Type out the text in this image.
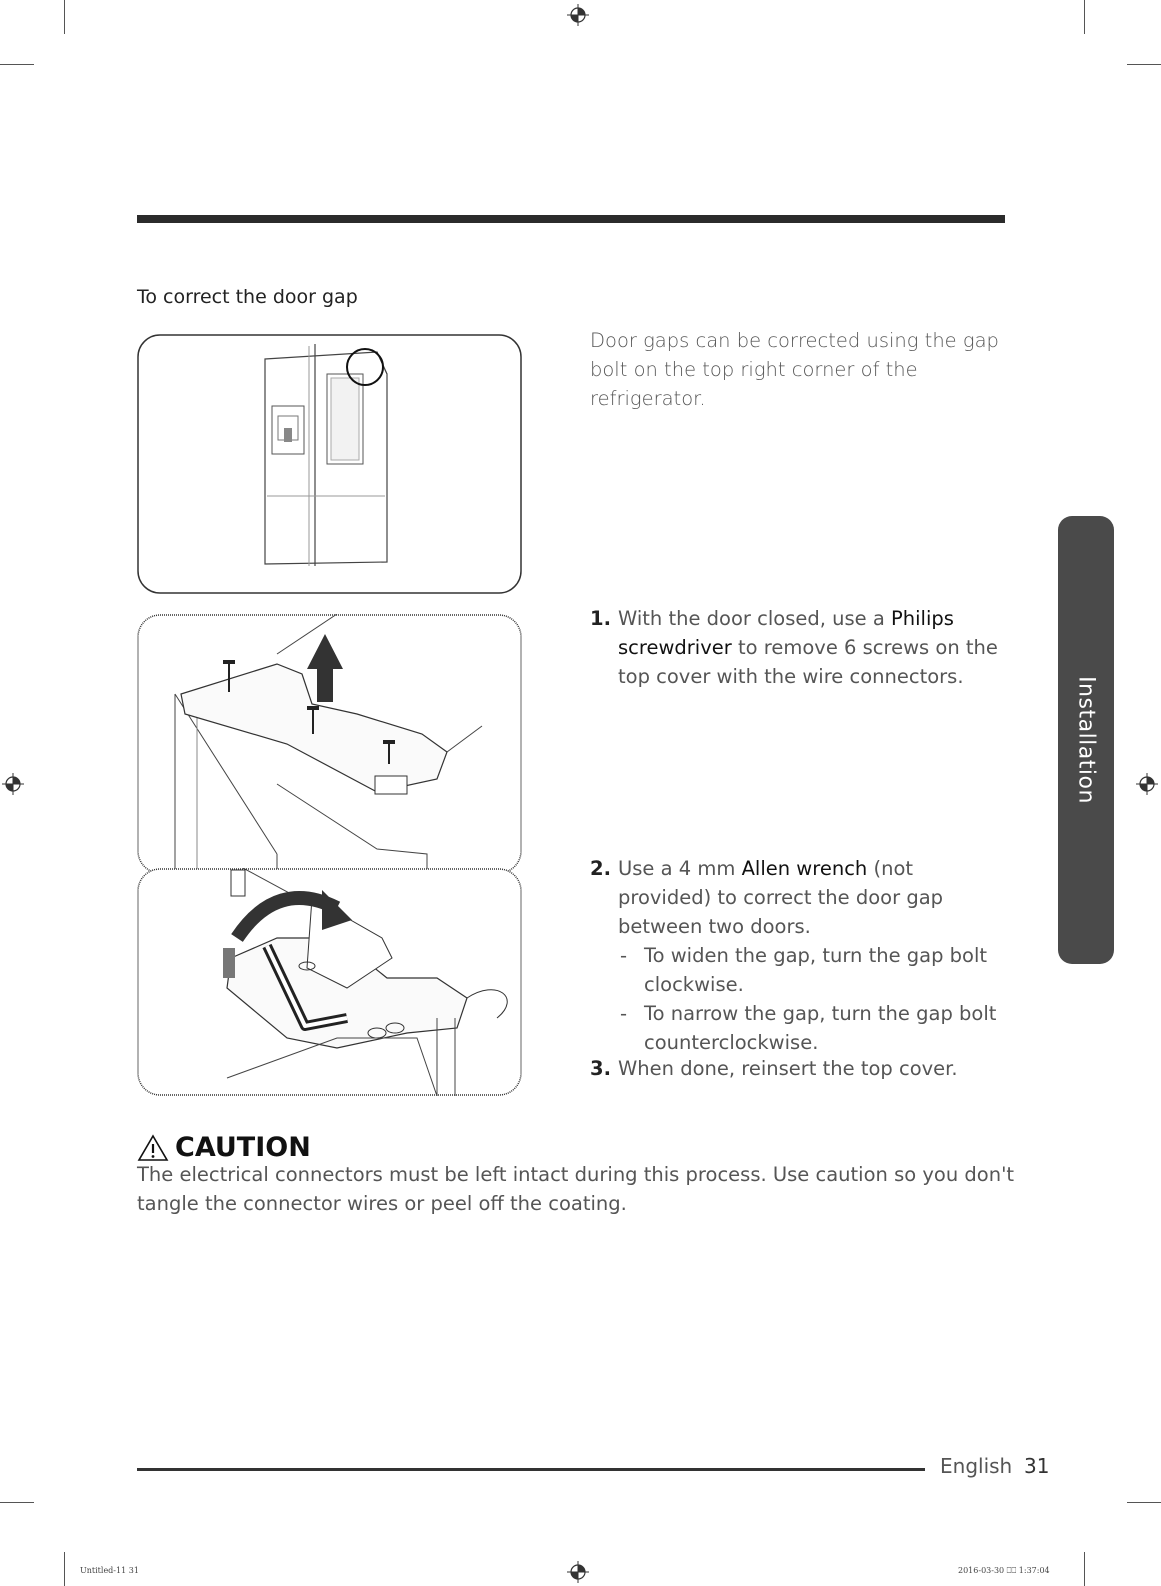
To correct the door gap
Door gaps can be corrected using the gap bolt on the top right corner of the refrigerator.
1. With the door closed, use a Philips screwdriver to remove 6 screws on the top cover with the wire connectors.
2. Use a 4 mm Allen wrench (not provided) to correct the door gap between two doors.
- To widen the gap, turn the gap bolt clockwise.
- To narrow the gap, turn the gap bolt counterclockwise.
3. When done, reinsert the top cover.
CAUTION
The electrical connectors must be left intact during this process. Use caution so you don't tangle the connector wires or peel off the coating.
Installation
English 31
Untitled-11 31	2016-03-30 ⎕⎕ 1:37:04
